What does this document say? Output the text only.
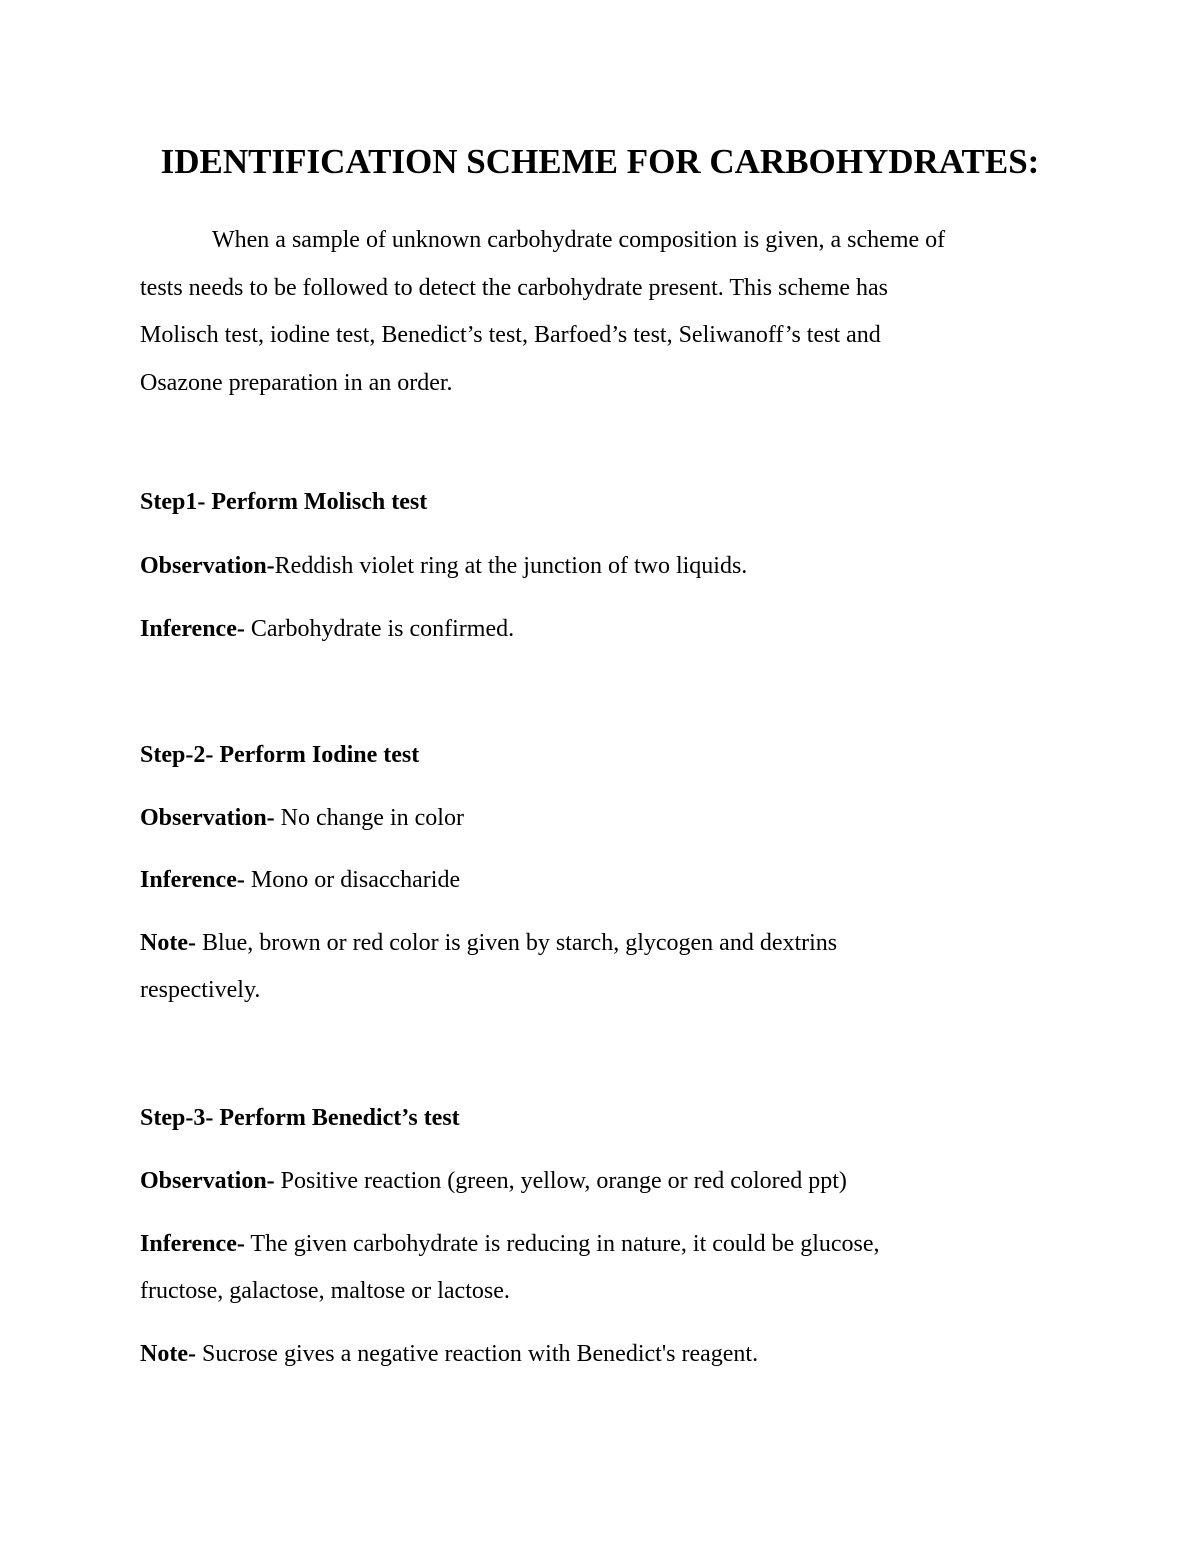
IDENTIFICATION SCHEME FOR CARBOHYDRATES:
When a sample of unknown carbohydrate composition is given, a scheme of
tests needs to be followed to detect the carbohydrate present. This scheme has
Molisch test, iodine test, Benedict’s test, Barfoed’s test, Seliwanoff’s test and
Osazone preparation in an order.
Step1- Perform Molisch test
Observation-Reddish violet ring at the junction of two liquids.
Inference- Carbohydrate is confirmed.
Step-2- Perform Iodine test
Observation- No change in color
Inference- Mono or disaccharide
Note- Blue, brown or red color is given by starch, glycogen and dextrins
respectively.
Step-3- Perform Benedict’s test
Observation- Positive reaction (green, yellow, orange or red colored ppt)
Inference- The given carbohydrate is reducing in nature, it could be glucose,
fructose, galactose, maltose or lactose.
Note- Sucrose gives a negative reaction with Benedict's reagent.
